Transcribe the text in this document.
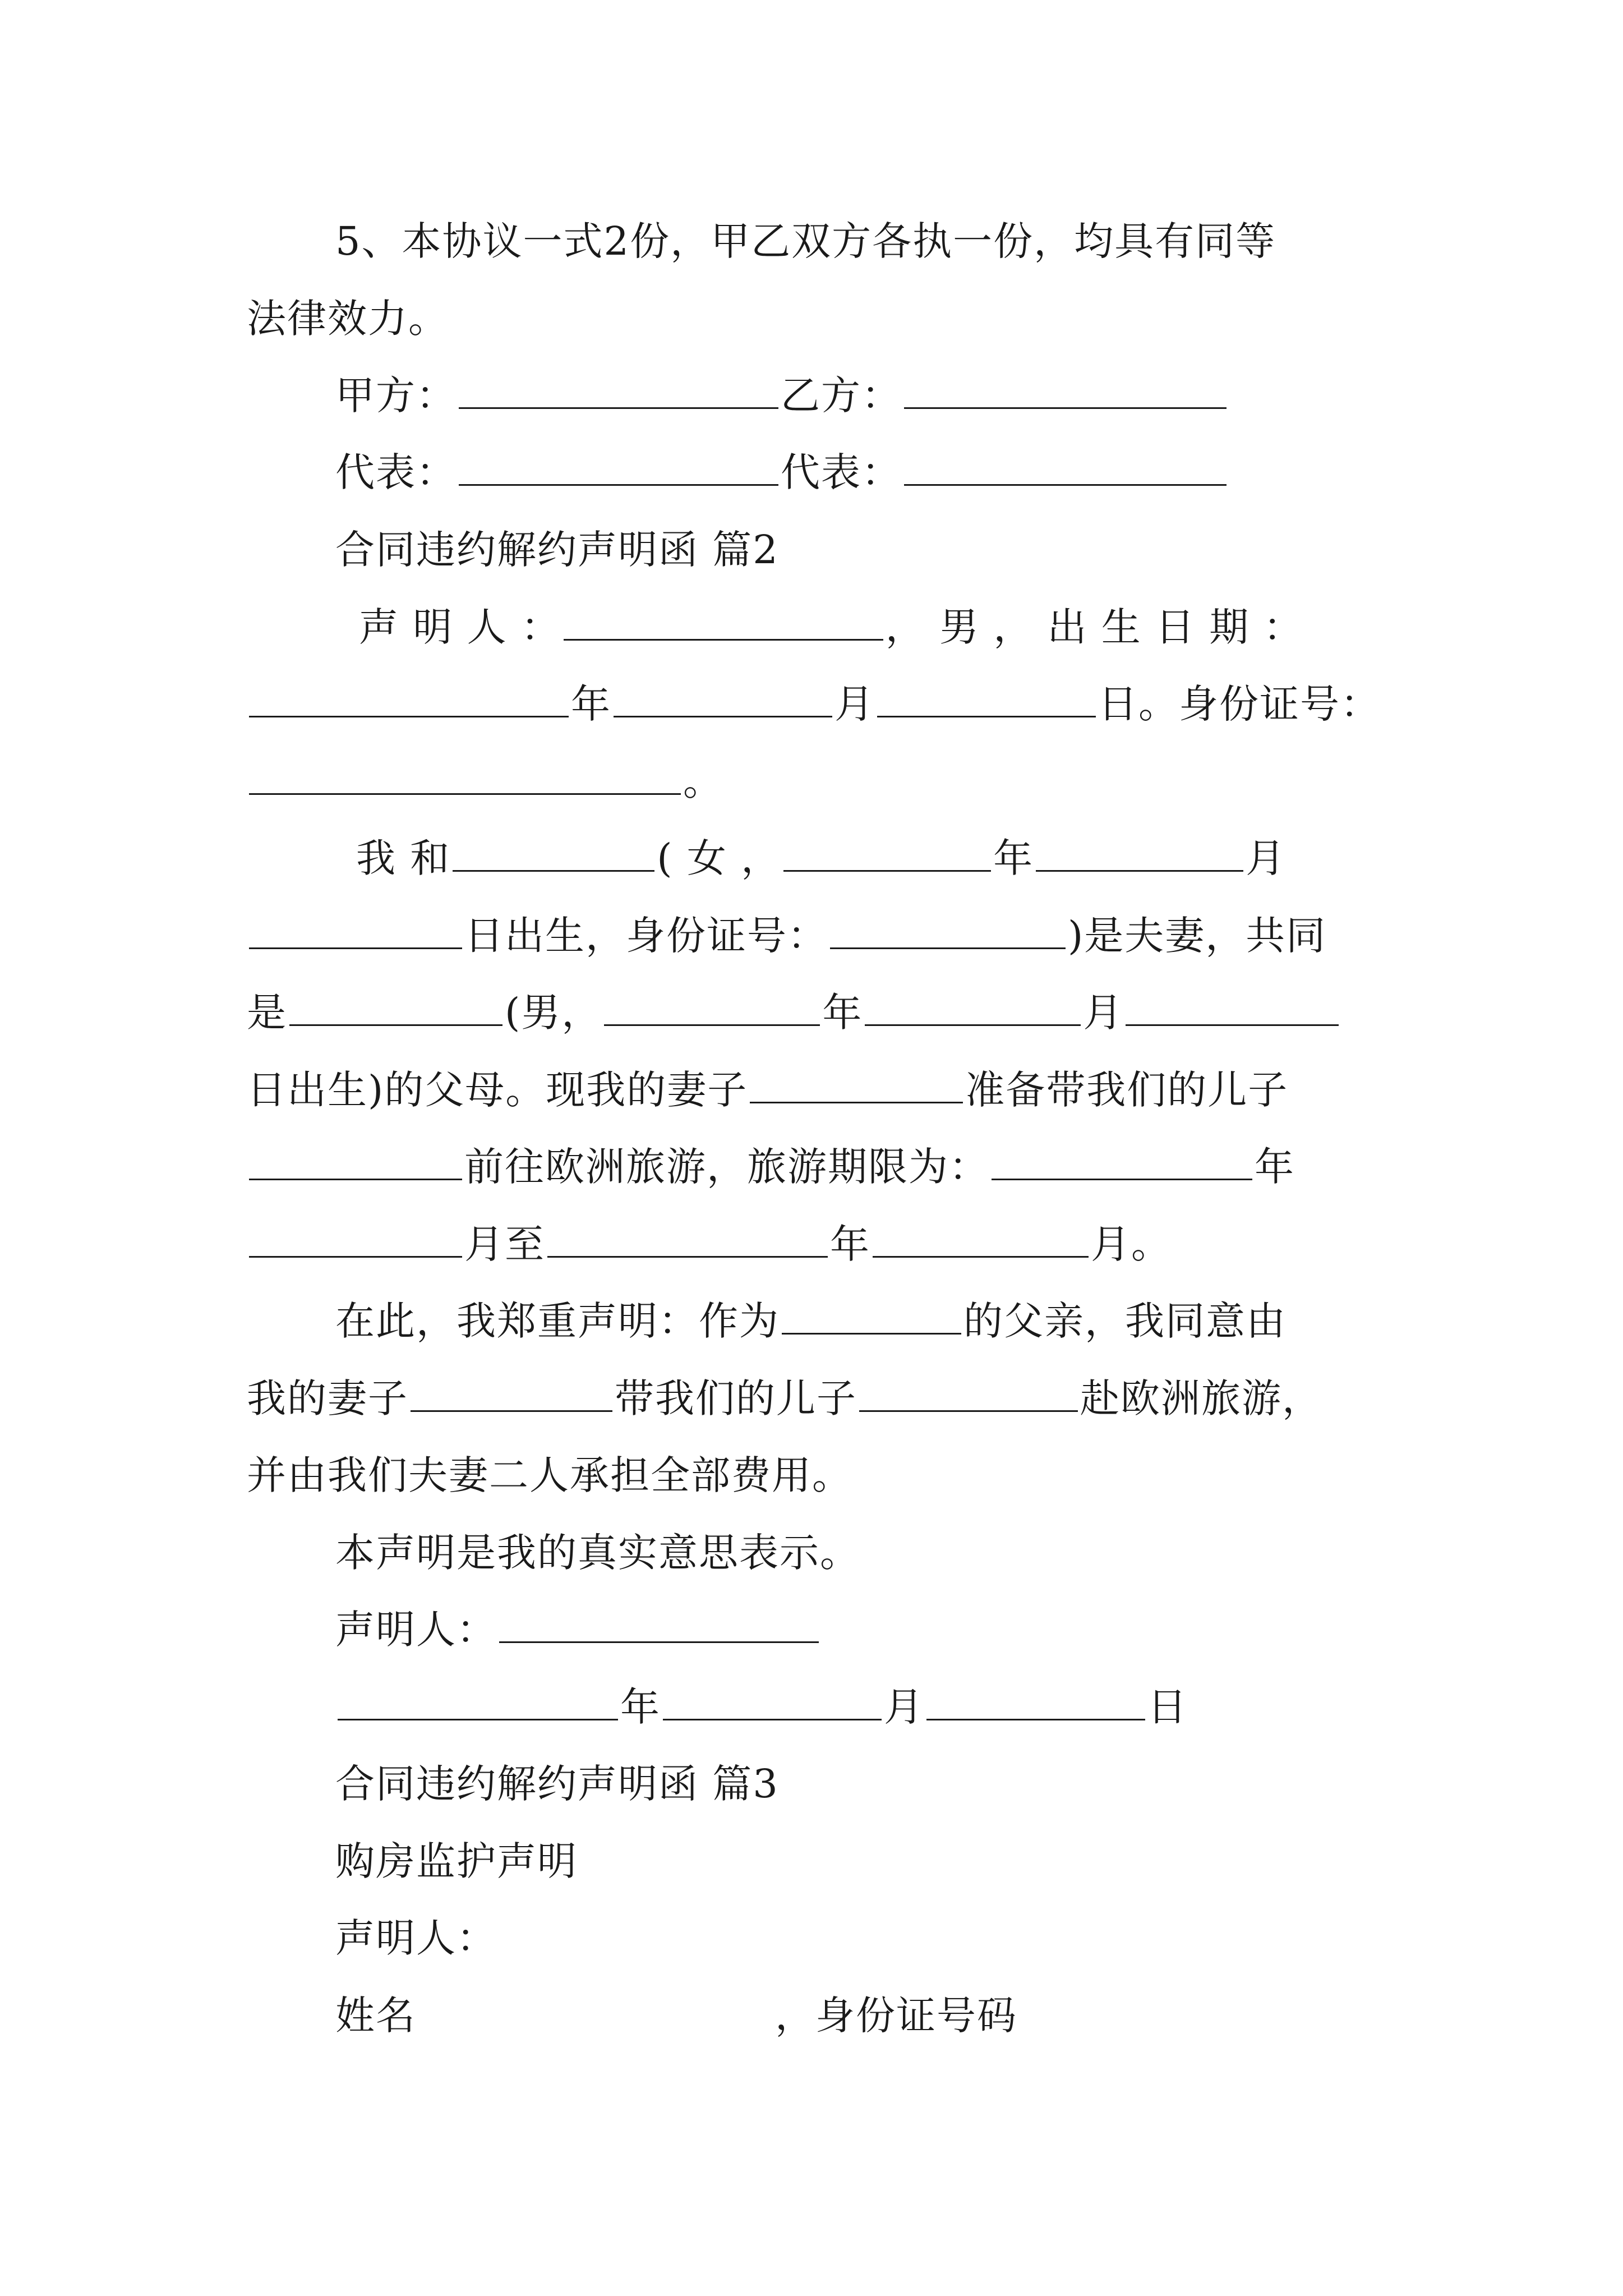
5、本协议一式2份，甲乙双方各执一份，均具有同等
法律效力。
甲方：	乙方：
代表：	代表：
合同违约解约声明函 篇2
声 明 人 ：	， 男 ， 出 生 日 期 ：
年	月	日。身份证号：
。
我 和	( 女 ，	年	月
日出生，身份证号：	)是夫妻，共同
是	(男，	年	月
日出生)的父母。现我的妻子	准备带我们的儿子
前往欧洲旅游，旅游期限为：	年
月至	年	月。
在此，我郑重声明：作为	的父亲，我同意由
我的妻子	带我们的儿子	赴欧洲旅游，
并由我们夫妻二人承担全部费用。
本声明是我的真实意思表示。
声明人：
年	月	日
合同违约解约声明函 篇3
购房监护声明
声明人：
姓名	，身份证号码
